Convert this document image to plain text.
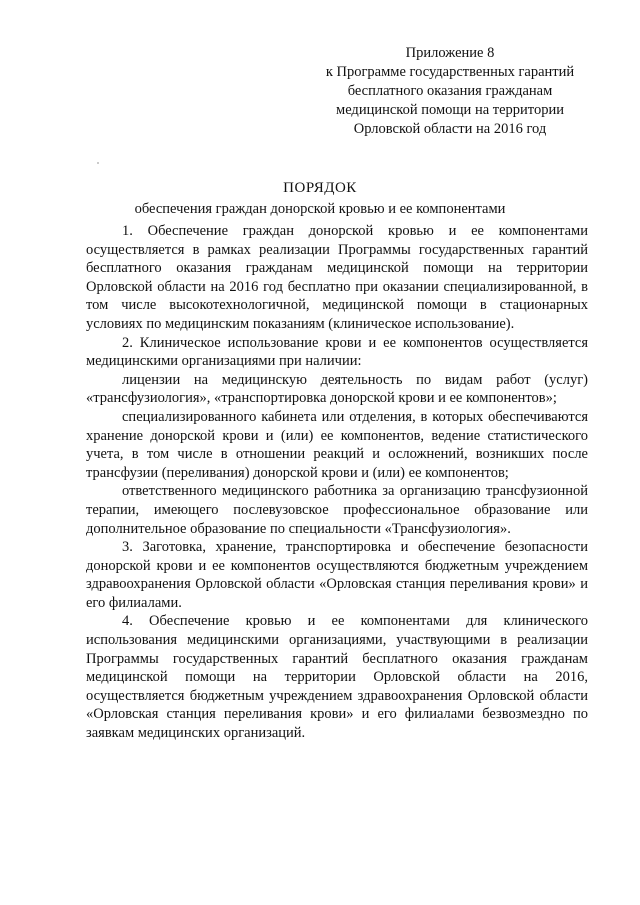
Приложение 8
к Программе государственных гарантий
бесплатного оказания гражданам
медицинской помощи на территории
Орловской области на 2016 год
ПОРЯДОК
обеспечения граждан донорской кровью и ее компонентами

1. Обеспечение граждан донорской кровью и ее компонентами осуществляется в рамках реализации Программы государственных гарантий бесплатного оказания гражданам медицинской помощи на территории Орловской области на 2016 год бесплатно при оказании специализированной, в том числе высокотехнологичной, медицинской помощи в стационарных условиях по медицинским показаниям (клиническое использование).

2. Клиническое использование крови и ее компонентов осуществляется медицинскими организациями при наличии:

лицензии на медицинскую деятельность по видам работ (услуг) «трансфузиология», «транспортировка донорской крови и ее компонентов»;

специализированного кабинета или отделения, в которых обеспечиваются хранение донорской крови и (или) ее компонентов, ведение статистического учета, в том числе в отношении реакций и осложнений, возникших после трансфузии (переливания) донорской крови и (или) ее компонентов;

ответственного медицинского работника за организацию трансфузионной терапии, имеющего послевузовское профессиональное образование или дополнительное образование по специальности «Трансфузиология».

3. Заготовка, хранение, транспортировка и обеспечение безопасности донорской крови и ее компонентов осуществляются бюджетным учреждением здравоохранения Орловской области «Орловская станция переливания крови» и его филиалами.

4. Обеспечение кровью и ее компонентами для клинического использования медицинскими организациями, участвующими в реализации Программы государственных гарантий бесплатного оказания гражданам медицинской помощи на территории Орловской области на 2016, осуществляется бюджетным учреждением здравоохранения Орловской области «Орловская станция переливания крови» и его филиалами безвозмездно по заявкам медицинских организаций.
